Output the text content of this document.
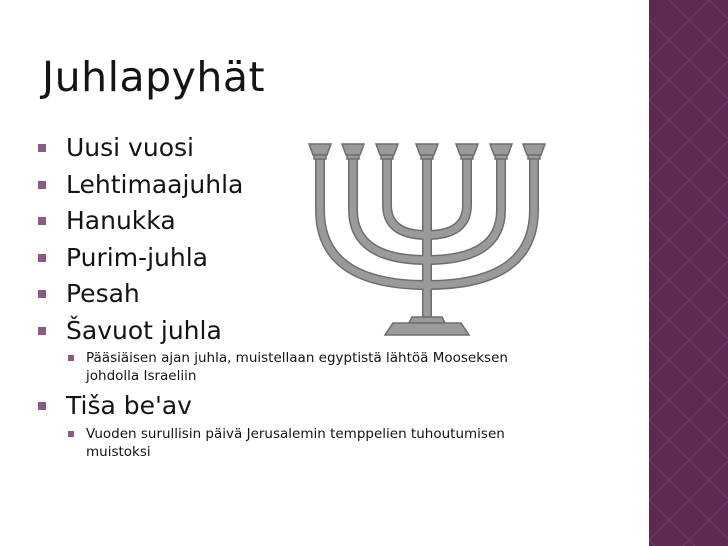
Juhlapyhät
Uusi vuosi
Lehtimaajuhla
Hanukka
Purim-juhla
Pesah
Šavuot juhla
Pääsiäisen ajan juhla, muistellaan egyptistä lähtöä Mooseksen
johdolla Israeliin
Tiša be'av
Vuoden surullisin päivä Jerusalemin temppelien tuhoutumisen
muistoksi
